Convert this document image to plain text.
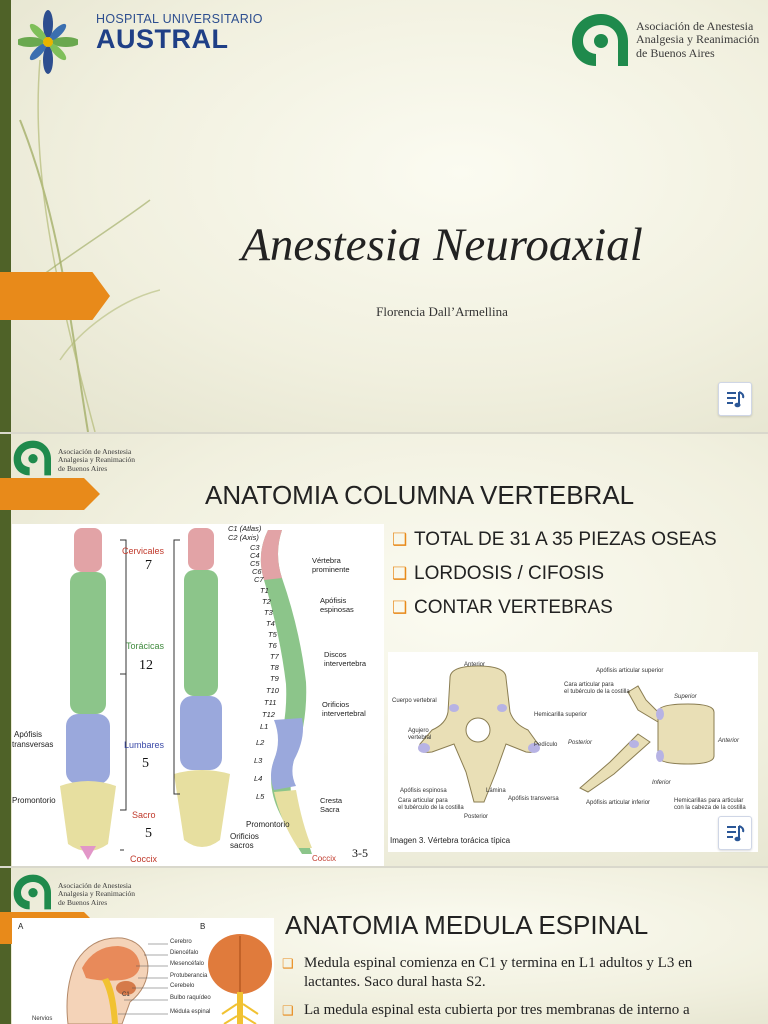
HOSPITAL UNIVERSITARIO
AUSTRAL	Asociación de Anestesia
Analgesia y Reanimación
de Buenos Aires
Anestesia Neuroaxial
Florencia Dall’Armellina
Asociación de Anestesia
Analgesia y Reanimación
de Buenos Aires
ANATOMIA COLUMNA VERTEBRAL
❑ TOTAL DE 31 A 35 PIEZAS OSEAS
❑ LORDOSIS / CIFOSIS
❑ CONTAR VERTEBRAS
Cervicales
7
Torácicas
12
Lumbares
5
Sacro
5
Coccix	3-5
Apófisis
transversas
Promontorio
Promontorio
Orificios
sacros
C1 (Atlas)
C2 (Axis)
C3
C4
C5
C6
C7
T1
T2
T3
T4
T5
T6
T7
T8
T9
T10
T11
T12
L1
L2
L3
L4
L5
Vértebra
prominente
Apófisis
espinosas
Discos
intervertebra
Orificios
intervertebral
Cresta
Sacra
Coccix
Anterior
Cuerpo vertebral
Hemicarilla superior
Agujero
vertebral
Pedículo
Apófisis espinosa	Lámina
Apófisis transversa
Cara articular para
el tubérculo de la costilla
Posterior
Apófisis articular superior
Cara articular para
el tubérculo de la costilla
Superior
Posterior	Anterior
Inferior
Apófisis articular inferior	Hemicarillas para articular
con la cabeza de la costilla
Imagen 3. Vértebra torácica típica
Asociación de Anestesia
Analgesia y Reanimación
de Buenos Aires
ANATOMIA MEDULA ESPINAL
❑ Medula espinal comienza en C1 y termina en L1 adultos y L3 en lactantes. Saco dural hasta S2.
❑ La medula espinal esta cubierta por tres membranas de interno a
A	B
Cerebro
Diencéfalo
Mesencéfalo
Protuberancia
Cerebelo
Bulbo raquídeo
Médula espinal
C1
Nervios
